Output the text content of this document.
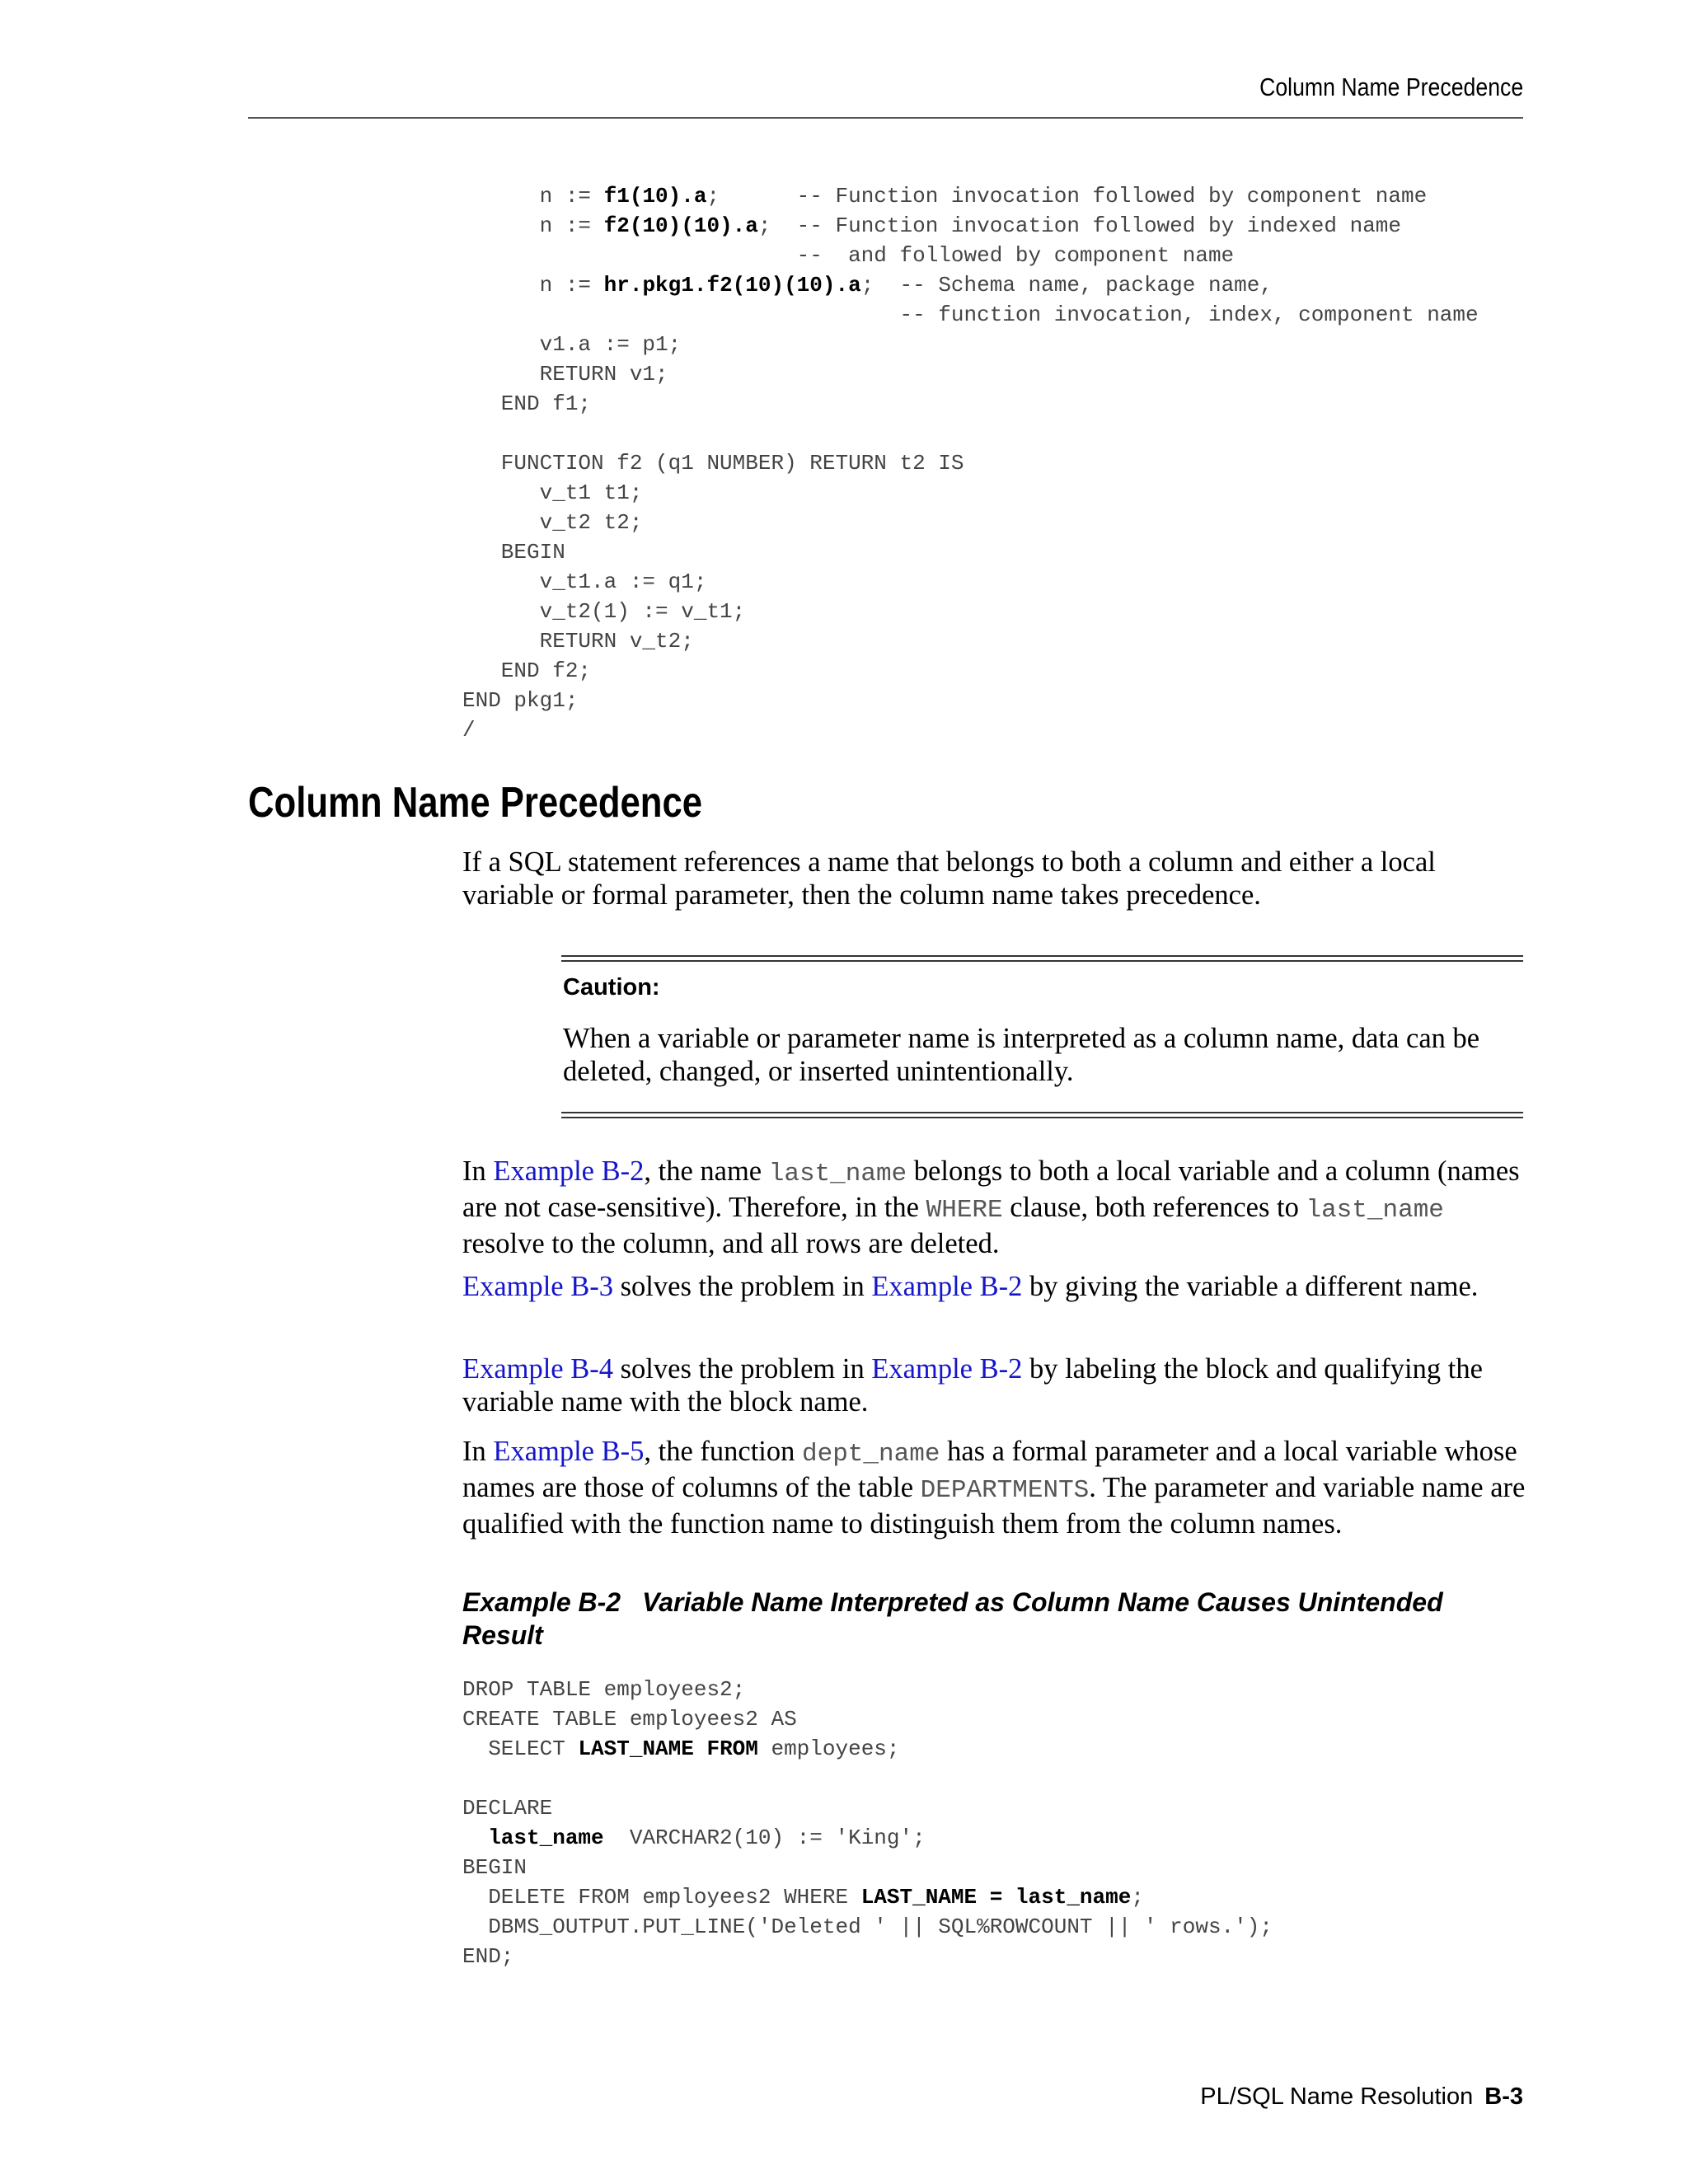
Column Name Precedence
n := f1(10).a;      -- Function invocation followed by component name
n := f2(10)(10).a;  -- Function invocation followed by indexed name
--  and followed by component name
n := hr.pkg1.f2(10)(10).a;  -- Schema name, package name,
-- function invocation, index, component name
v1.a := p1;
RETURN v1;
END f1;

FUNCTION f2 (q1 NUMBER) RETURN t2 IS
v_t1 t1;
v_t2 t2;
BEGIN
v_t1.a := q1;
v_t2(1) := v_t1;
RETURN v_t2;
END f2;
END pkg1;
/
Column Name Precedence

If a SQL statement references a name that belongs to both a column and either a local variable or formal parameter, then the column name takes precedence.

Caution:

When a variable or parameter name is interpreted as a column name, data can be deleted, changed, or inserted unintentionally.

In Example B-2, the name last_name belongs to both a local variable and a column (names are not case-sensitive). Therefore, in the WHERE clause, both references to last_name resolve to the column, and all rows are deleted.

Example B-3 solves the problem in Example B-2 by giving the variable a different name.

Example B-4 solves the problem in Example B-2 by labeling the block and qualifying the variable name with the block name.

In Example B-5, the function dept_name has a formal parameter and a local variable whose names are those of columns of the table DEPARTMENTS. The parameter and variable name are qualified with the function name to distinguish them from the column names.

Example B-2 Variable Name Interpreted as Column Name Causes Unintended Result

DROP TABLE employees2;
CREATE TABLE employees2 AS
SELECT LAST_NAME FROM employees;

DECLARE
last_name  VARCHAR2(10) := 'King';
BEGIN
DELETE FROM employees2 WHERE LAST_NAME = last_name;
DBMS_OUTPUT.PUT_LINE('Deleted ' || SQL%ROWCOUNT || ' rows.');
END;
PL/SQL Name Resolution B-3
